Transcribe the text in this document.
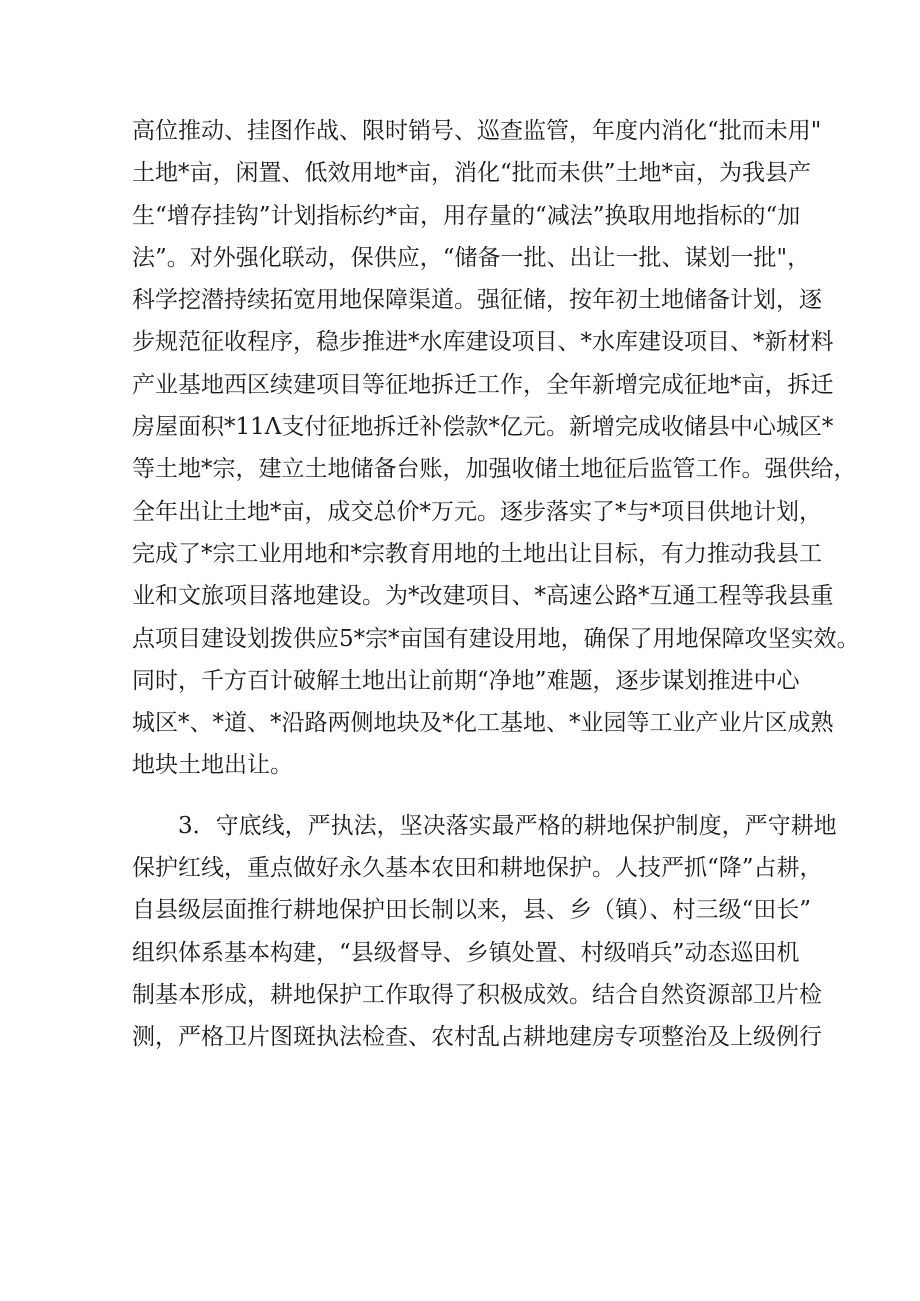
高位推动、挂图作战、限时销号、巡查监管，年度内消化“批而未用"
土地*亩，闲置、低效用地*亩，消化“批而未供”土地*亩，为我县产
生“增存挂钩”计划指标约*亩，用存量的“减法”换取用地指标的“加
法”。对外强化联动，保供应，“储备一批、出让一批、谋划一批"，
科学挖潜持续拓宽用地保障渠道。强征储，按年初土地储备计划，逐
步规范征收程序，稳步推进*水库建设项目、*水库建设项目、*新材料
产业基地西区续建项目等征地拆迁工作，全年新增完成征地*亩，拆迁
房屋面积*11Λ支付征地拆迁补偿款*亿元。新增完成收储县中心城区*
等土地*宗，建立土地储备台账，加强收储土地征后监管工作。强供给，
全年出让土地*亩，成交总价*万元。逐步落实了*与*项目供地计划，
完成了*宗工业用地和*宗教育用地的土地出让目标，有力推动我县工
业和文旅项目落地建设。为*改建项目、*高速公路*互通工程等我县重
点项目建设划拨供应5*宗*亩国有建设用地，确保了用地保障攻坚实效。
同时，千方百计破解土地出让前期“净地”难题，逐步谋划推进中心
城区*、*道、*沿路两侧地块及*化工基地、*业园等工业产业片区成熟
地块土地出让。
3．守底线，严执法，坚决落实最严格的耕地保护制度，严守耕地
保护红线，重点做好永久基本农田和耕地保护。人技严抓“降”占耕，
自县级层面推行耕地保护田长制以来，县、乡（镇）、村三级“田长”
组织体系基本构建，“县级督导、乡镇处置、村级哨兵”动态巡田机
制基本形成，耕地保护工作取得了积极成效。结合自然资源部卫片检
测，严格卫片图斑执法检查、农村乱占耕地建房专项整治及上级例行
